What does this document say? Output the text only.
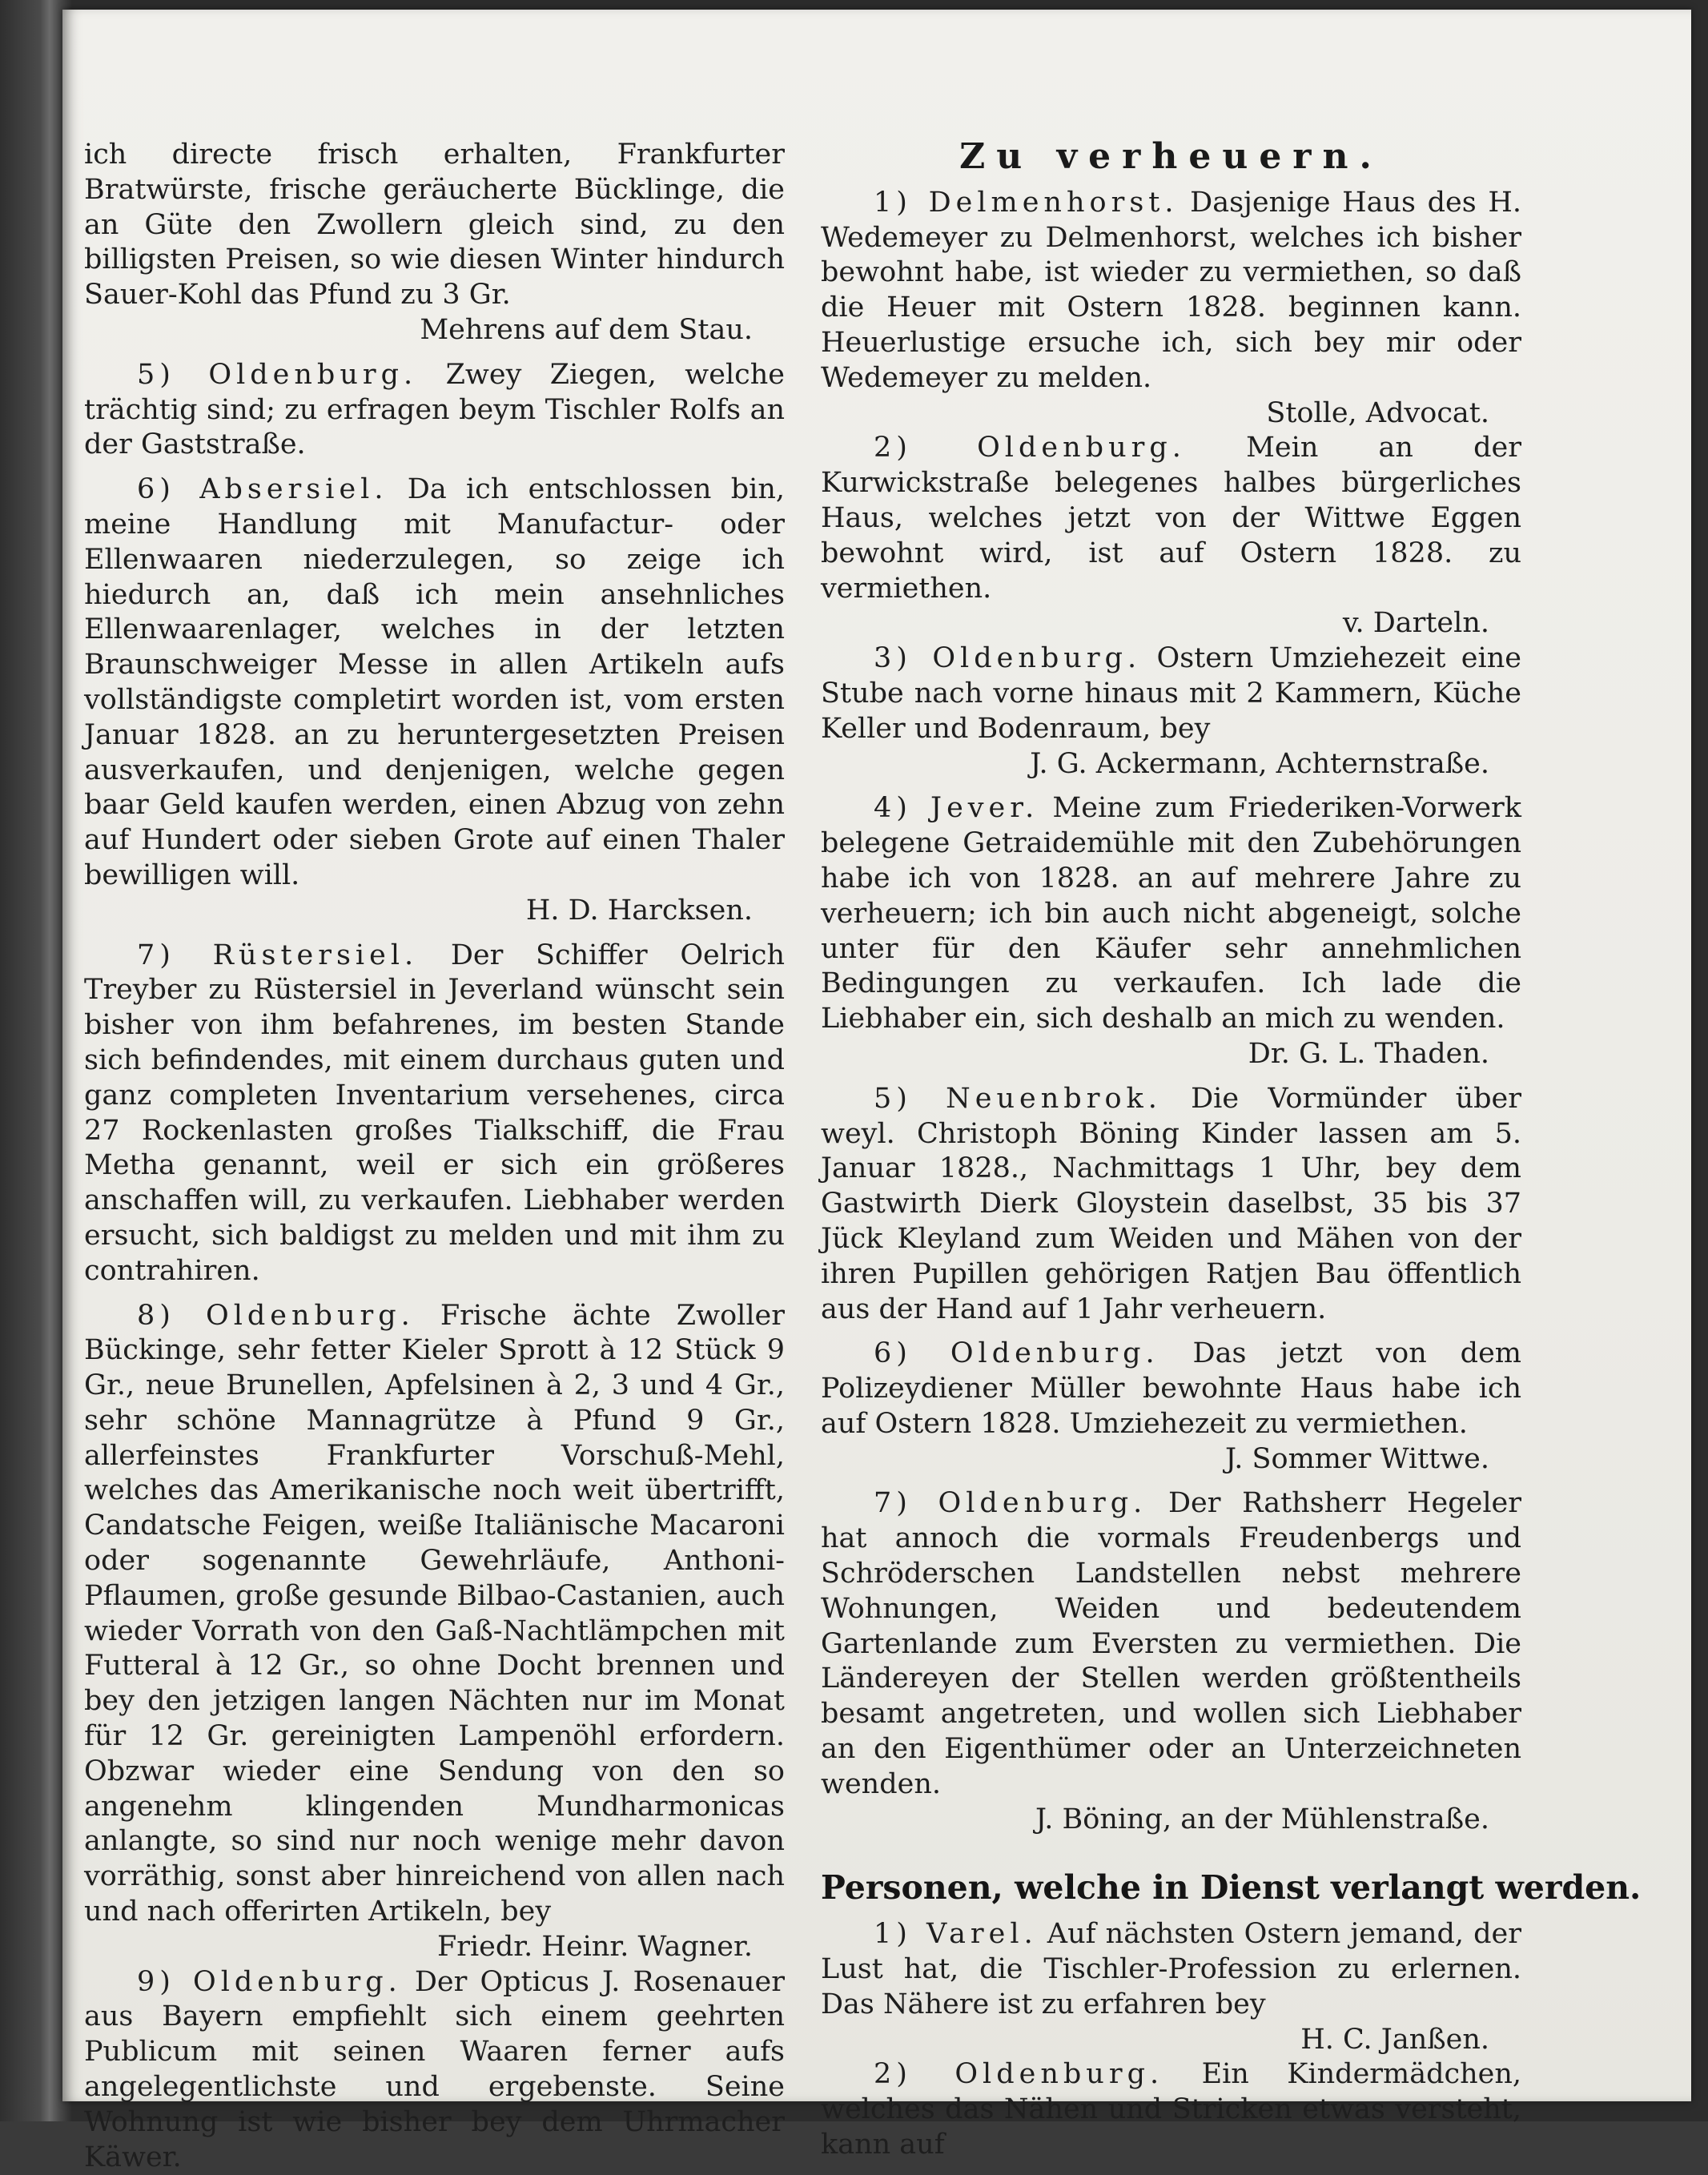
ich directe frisch erhalten, Frankfurter Bratwürste, frische geräucherte Bücklinge, die an Güte den Zwollern gleich sind, zu den billigsten Preisen, so wie diesen Winter hindurch Sauer-Kohl das Pfund zu 3 Gr.

Mehrens auf dem Stau.

5) Oldenburg. Zwey Ziegen, welche trächtig sind; zu erfragen beym Tischler Rolfs an der Gaststraße.

6) Absersiel. Da ich entschlossen bin, meine Handlung mit Manufactur- oder Ellenwaaren niederzulegen, so zeige ich hiedurch an, daß ich mein ansehnliches Ellenwaarenlager, welches in der letzten Braunschweiger Messe in allen Artikeln aufs vollständigste completirt worden ist, vom ersten Januar 1828. an zu heruntergesetzten Preisen ausverkaufen, und denjenigen, welche gegen baar Geld kaufen werden, einen Abzug von zehn auf Hundert oder sieben Grote auf einen Thaler bewilligen will.

H. D. Harcksen.

7) Rüstersiel. Der Schiffer Oelrich Treyber zu Rüstersiel in Jeverland wünscht sein bisher von ihm befahrenes, im besten Stande sich befindendes, mit einem durchaus guten und ganz completen Inventarium versehenes, circa 27 Rockenlasten großes Tialkschiff, die Frau Metha genannt, weil er sich ein größeres anschaffen will, zu verkaufen. Liebhaber werden ersucht, sich baldigst zu melden und mit ihm zu contrahiren.

8) Oldenburg. Frische ächte Zwoller Bückinge, sehr fetter Kieler Sprott à 12 Stück 9 Gr., neue Brunellen, Apfelsinen à 2, 3 und 4 Gr., sehr schöne Mannagrütze à Pfund 9 Gr., allerfeinstes Frankfurter Vorschuß-Mehl, welches das Amerikanische noch weit übertrifft, Candatsche Feigen, weiße Italiänische Macaroni oder sogenannte Gewehrläufe, Anthoni-Pflaumen, große gesunde Bilbao-Castanien, auch wieder Vorrath von den Gaß-Nachtlämpchen mit Futteral à 12 Gr., so ohne Docht brennen und bey den jetzigen langen Nächten nur im Monat für 12 Gr. gereinigten Lampenöhl erfordern. Obzwar wieder eine Sendung von den so angenehm klingenden Mundharmonicas anlangte, so sind nur noch wenige mehr davon vorräthig, sonst aber hinreichend von allen nach und nach offerirten Artikeln, bey

Friedr. Heinr. Wagner.

9) Oldenburg. Der Opticus J. Rosenauer aus Bayern empfiehlt sich einem geehrten Publicum mit seinen Waaren ferner aufs angelegentlichste und ergebenste. Seine Wohnung ist wie bisher bey dem Uhrmacher Käwer.

Zu verheuern.

1) Delmenhorst. Dasjenige Haus des H. Wedemeyer zu Delmenhorst, welches ich bisher bewohnt habe, ist wieder zu vermiethen, so daß die Heuer mit Ostern 1828. beginnen kann. Heuerlustige ersuche ich, sich bey mir oder Wedemeyer zu melden.

Stolle, Advocat.

2) Oldenburg. Mein an der Kurwickstraße belegenes halbes bürgerliches Haus, welches jetzt von der Wittwe Eggen bewohnt wird, ist auf Ostern 1828. zu vermiethen.

v. Darteln.

3) Oldenburg. Ostern Umziehezeit eine Stube nach vorne hinaus mit 2 Kammern, Küche Keller und Bodenraum, bey

J. G. Ackermann, Achternstraße.

4) Jever. Meine zum Friederiken-Vorwerk belegene Getraidemühle mit den Zubehörungen habe ich von 1828. an auf mehrere Jahre zu verheuern; ich bin auch nicht abgeneigt, solche unter für den Käufer sehr annehmlichen Bedingungen zu verkaufen. Ich lade die Liebhaber ein, sich deshalb an mich zu wenden.

Dr. G. L. Thaden.

5) Neuenbrok. Die Vormünder über weyl. Christoph Böning Kinder lassen am 5. Januar 1828., Nachmittags 1 Uhr, bey dem Gastwirth Dierk Gloystein daselbst, 35 bis 37 Jück Kleyland zum Weiden und Mähen von der ihren Pupillen gehörigen Ratjen Bau öffentlich aus der Hand auf 1 Jahr verheuern.

6) Oldenburg. Das jetzt von dem Polizeydiener Müller bewohnte Haus habe ich auf Ostern 1828. Umziehezeit zu vermiethen.

J. Sommer Wittwe.

7) Oldenburg. Der Rathsherr Hegeler hat annoch die vormals Freudenbergs und Schröderschen Landstellen nebst mehrere Wohnungen, Weiden und bedeutendem Gartenlande zum Eversten zu vermiethen. Die Ländereyen der Stellen werden größtentheils besamt angetreten, und wollen sich Liebhaber an den Eigenthümer oder an Unterzeichneten wenden.

J. Böning, an der Mühlenstraße.

Personen, welche in Dienst verlangt werden.

1) Varel. Auf nächsten Ostern jemand, der Lust hat, die Tischler-Profession zu erlernen. Das Nähere ist zu erfahren bey

H. C. Janßen.

2) Oldenburg. Ein Kindermädchen, welches das Nähen und Stricken etwas versteht, kann auf
